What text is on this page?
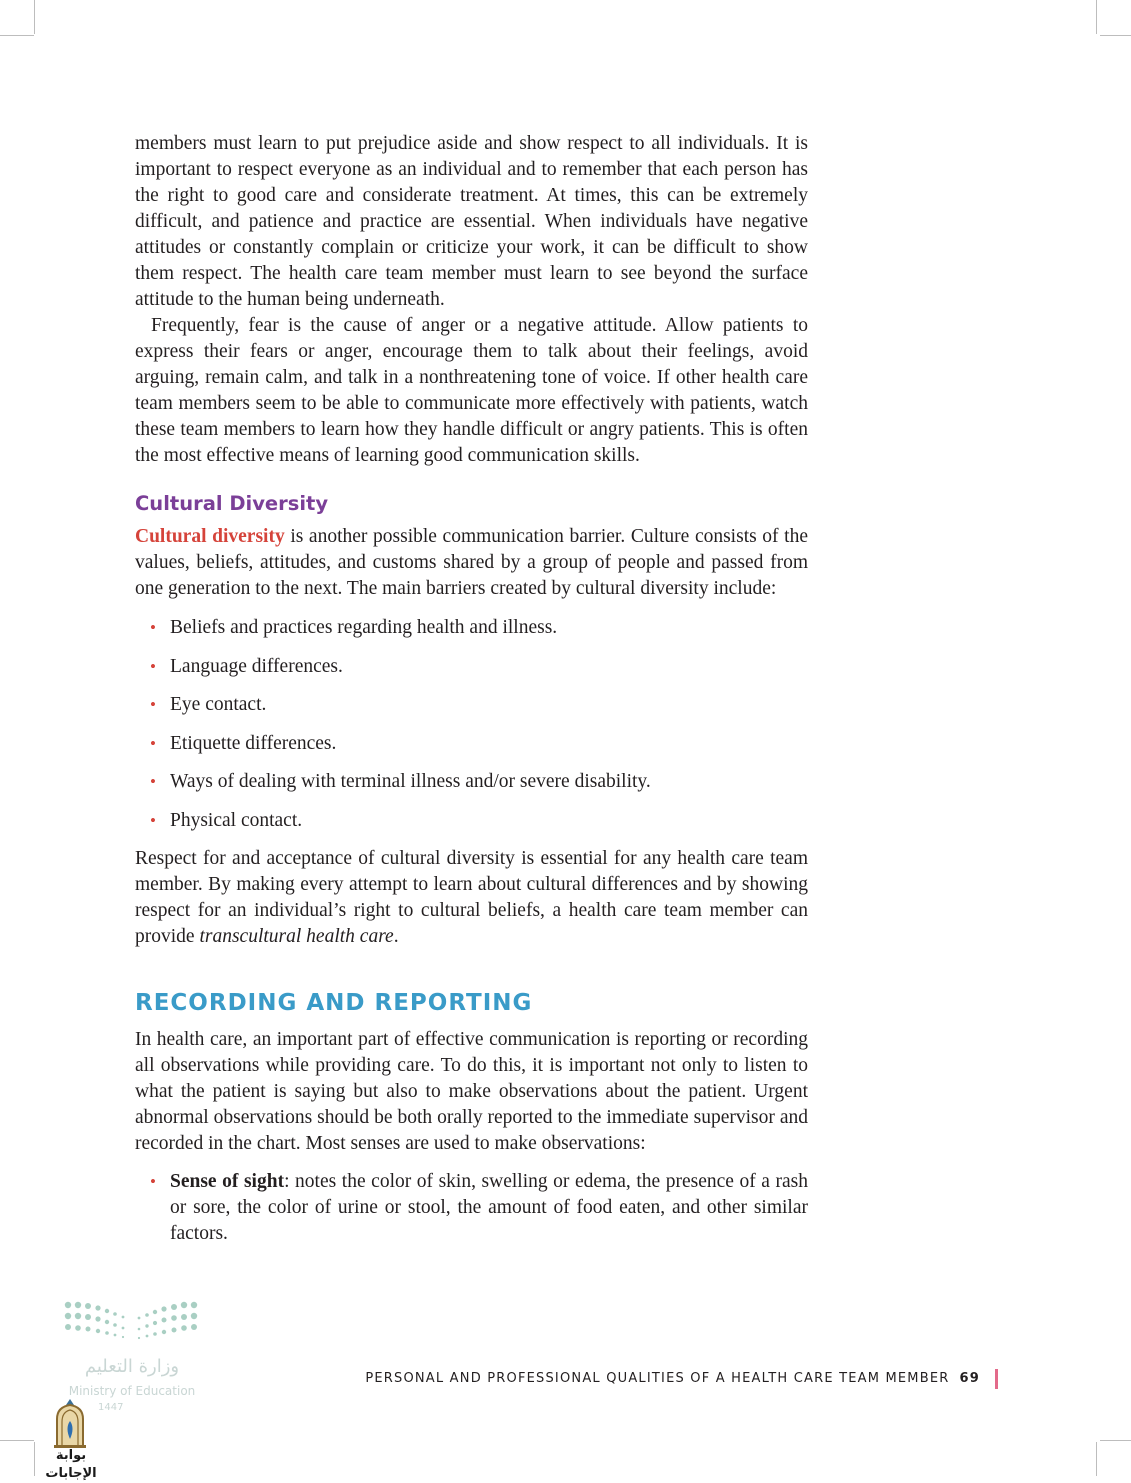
members must learn to put prejudice aside and show respect to all individuals. It is important to respect everyone as an individual and to remember that each person has the right to good care and considerate treatment. At times, this can be extremely difficult, and patience and practice are essential. When individuals have negative attitudes or constantly complain or criticize your work, it can be difficult to show them respect. The health care team member must learn to see beyond the surface attitude to the human being underneath.

Frequently, fear is the cause of anger or a negative attitude. Allow patients to express their fears or anger, encourage them to talk about their feelings, avoid arguing, remain calm, and talk in a nonthreatening tone of voice. If other health care team members seem to be able to communicate more effectively with patients, watch these team members to learn how they handle difficult or angry patients. This is often the most effective means of learning good communication skills.

Cultural Diversity

Cultural diversity is another possible communication barrier. Culture consists of the values, beliefs, attitudes, and customs shared by a group of people and passed from one generation to the next. The main barriers created by cultural diversity include:

• Beliefs and practices regarding health and illness.
• Language differences.
• Eye contact.
• Etiquette differences.
• Ways of dealing with terminal illness and/or severe disability.
• Physical contact.

Respect for and acceptance of cultural diversity is essential for any health care team member. By making every attempt to learn about cultural differences and by showing respect for an individual’s right to cultural beliefs, a health care team member can provide transcultural health care.

RECORDING AND REPORTING

In health care, an important part of effective communication is reporting or recording all observations while providing care. To do this, it is important not only to listen to what the patient is saying but also to make observations about the patient. Urgent abnormal observations should be both orally reported to the immediate supervisor and recorded in the chart. Most senses are used to make observations:

• Sense of sight: notes the color of skin, swelling or edema, the presence of a rash or sore, the color of urine or stool, the amount of food eaten, and other similar factors.
PERSONAL AND PROFESSIONAL QUALITIES OF A HEALTH CARE TEAM MEMBER 69
وزارة التعليم
Ministry of Education
1447
بوابة الإجابات
